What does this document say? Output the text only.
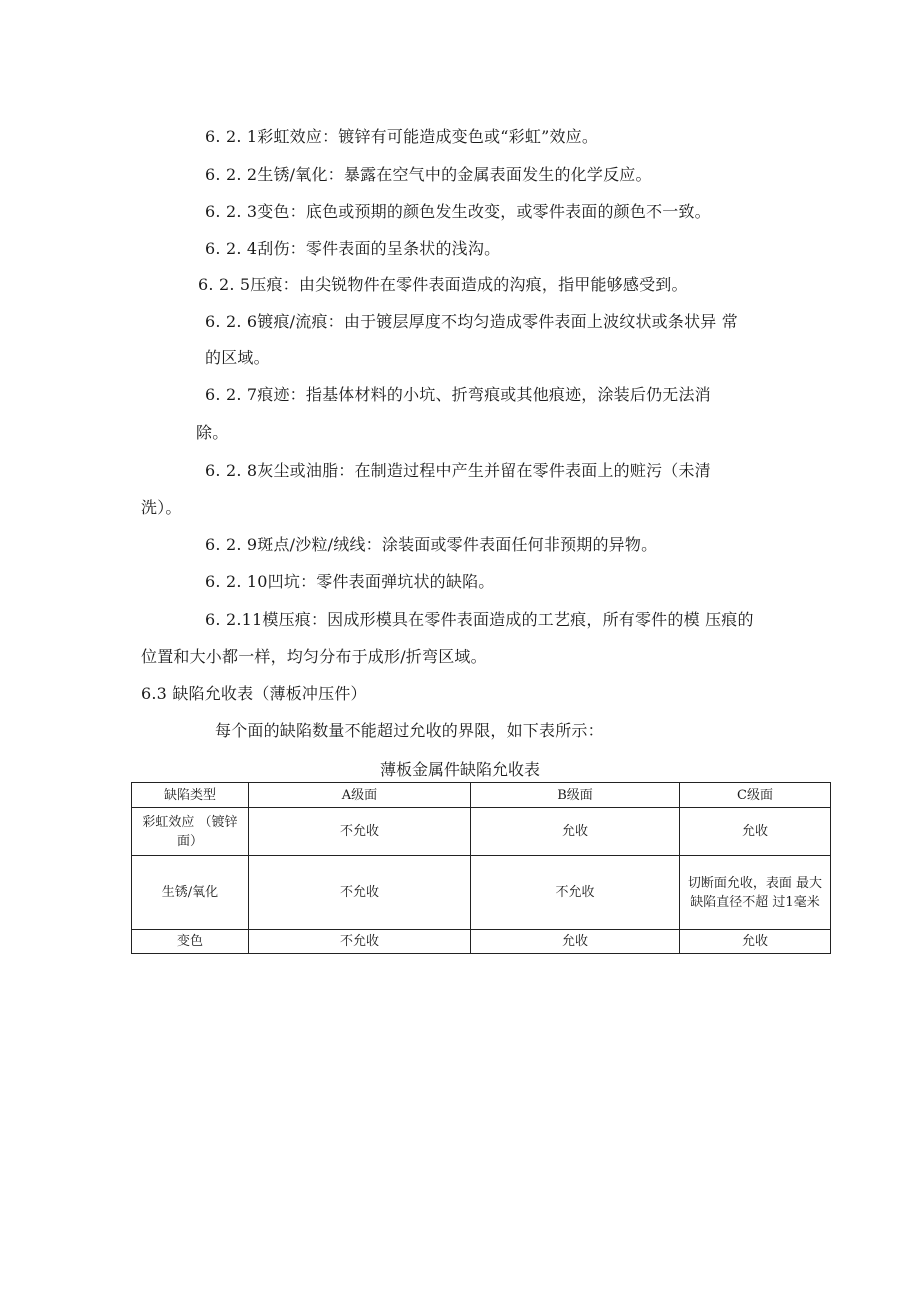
6. 2. 1彩虹效应：镀锌有可能造成变色或“彩虹”效应。
6. 2. 2生锈/氧化：暴露在空气中的金属表面发生的化学反应。
6. 2. 3变色：底色或预期的颜色发生改变，或零件表面的颜色不一致。
6. 2. 4刮伤：零件表面的呈条状的浅沟。
6. 2. 5压痕：由尖锐物件在零件表面造成的沟痕，指甲能够感受到。
6. 2. 6镀痕/流痕：由于镀层厚度不均匀造成零件表面上波纹状或条状异 常
的区域。
6. 2. 7痕迹：指基体材料的小坑、折弯痕或其他痕迹，涂装后仍无法消
除。
6. 2. 8灰尘或油脂：在制造过程中产生并留在零件表面上的赃污（未清
洗）。
6. 2. 9斑点/沙粒/绒线：涂装面或零件表面任何非预期的异物。
6. 2. 10凹坑：零件表面弹坑状的缺陷。
6. 2.11模压痕：因成形模具在零件表面造成的工艺痕，所有零件的模 压痕的
位置和大小都一样，均匀分布于成形/折弯区域。
6.3 缺陷允收表（薄板冲压件）
每个面的缺陷数量不能超过允收的界限，如下表所示：
薄板金属件缺陷允收表
缺陷类型	A级面	B级面	C级面
彩虹效应 （镀锌面）	不允收	允收	允收
生锈/氧化	不允收	不允收	切断面允收，表面 最大缺陷直径不超 过1毫米
变色	不允收	允收	允收
